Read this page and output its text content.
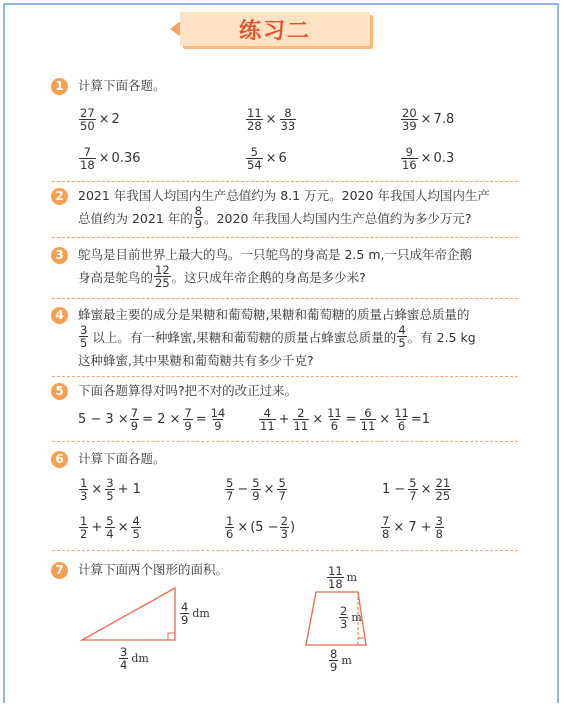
练习二
1	计算下面各题。
$\frac{27}{50} \times 2$	$\frac{11}{28} \times \frac{8}{33}$	$\frac{20}{39} \times 7.8$
$\frac{7}{18} \times 0.36$	$\frac{5}{54} \times 6$	$\frac{9}{16} \times 0.3$
2	2021 年我国人均国内生产总值约为 8.1 万元。2020 年我国人均国内生产
总值约为 2021 年的 $\frac{8}{9}$ 。2020 年我国人均国内生产总值约为多少万元?
3	鸵鸟是目前世界上最大的鸟。一只鸵鸟的身高是 2.5 m,一只成年帝企鹅
身高是鸵鸟的 $\frac{12}{25}$ 。这只成年帝企鹅的身高是多少米?
4	蜂蜜最主要的成分是果糖和葡萄糖,果糖和葡萄糖的质量占蜂蜜总质量的
$\frac{3}{5}$ 以上。有一种蜂蜜,果糖和葡萄糖的质量占蜂蜜总质量的 $\frac{4}{5}$ 。有 2.5 kg
这种蜂蜜,其中果糖和葡萄糖共有多少千克?
5	下面各题算得对吗?把不对的改正过来。
$5 - 3 \times \frac{7}{9} = 2 \times \frac{7}{9} = \frac{14}{9}$	$\frac{4}{11} + \frac{2}{11} \times \frac{11}{6} = \frac{6}{11} \times \frac{11}{6} =1$
6	计算下面各题。
$\frac{1}{3} \times \frac{3}{5} + 1$	$\frac{5}{7} - \frac{5}{9} \times \frac{5}{7}$	$1 - \frac{5}{7} \times \frac{21}{25}$
$\frac{1}{2} + \frac{5}{4} \times \frac{4}{5}$	$\frac{1}{6} \times (5 - \frac{2}{3}$ )	$\frac{7}{8} \times 7 + \frac{3}{8}$
7	计算下面两个图形的面积。
$\frac{4}{9}$ dm
$\frac{3}{4}$ dm
$\frac{11}{18}$ m
$\frac{2}{3}$ m
$\frac{8}{9}$ m
